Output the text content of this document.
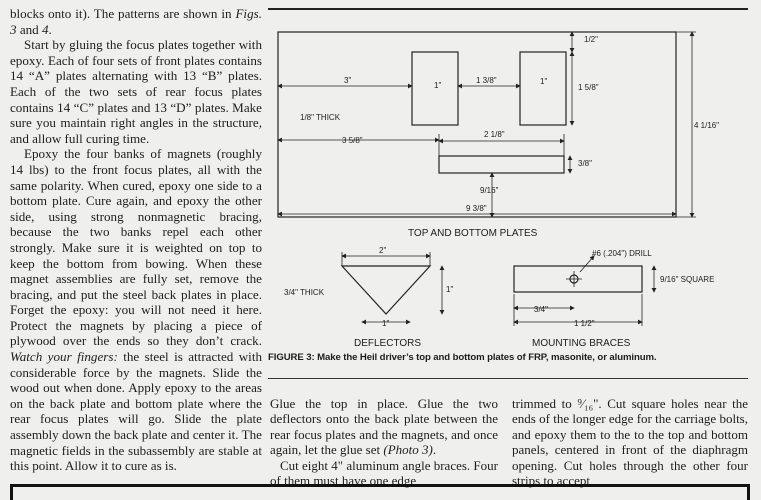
blocks onto it). The patterns are shown in Figs. 3 and 4.

Start by gluing the focus plates together with epoxy. Each of four sets of front plates contains 14 “A” plates alternating with 13 “B” plates. Each of the two sets of rear focus plates contains 14 “C” plates and 13 “D” plates. Make sure you maintain right angles in the structure, and allow full curing time.

Epoxy the four banks of magnets (roughly 14 lbs) to the front focus plates, all with the same polarity. When cured, epoxy one side to a bottom plate. Cure again, and epoxy the other side, using strong nonmagnetic bracing, because the two banks repel each other strongly. Make sure it is weighted on top to keep the bottom from bowing. When these magnet assemblies are fully set, remove the bracing, and put the steel back plates in place. Forget the epoxy: you will not need it here. Protect the magnets by placing a piece of plywood over the ends so they don’t crack. Watch your fingers: the steel is attracted with considerable force by the magnets. Slide the wood out when done. Apply epoxy to the areas on the back plate and bottom plate where the rear focus plates will go. Slide the plate assembly down the back plate and center it. The magnetic fields in the subassembly are stable at this point. Allow it to cure as is.

1/2"
3"
1"
1 3/8"	1"
1 5/8"
1/8" THICK
4 1/16"
3 5/8"
2 1/8"
3/8"
9/16"
9 3/8"
TOP AND BOTTOM PLATES
2"
1"
3/4" THICK
1"
DEFLECTORS
#6 (.204") DRILL
9/16" SQUARE
3/4"
1 1/2"
MOUNTING BRACES
FIGURE 3: Make the Heil driver’s top and bottom plates of FRP, masonite, or aluminum.

Glue the top in place. Glue the two deflectors onto the back plate between the rear focus plates and the magnets, and once again, let the glue set (Photo 3).

Cut eight 4" aluminum angle braces. Four of them must have one edge

trimmed to ⁹⁄₁₆". Cut square holes near the ends of the longer edge for the carriage bolts, and epoxy them to the to the top and bottom panels, centered in front of the diaphragm opening. Cut holes through the other four strips to accept
